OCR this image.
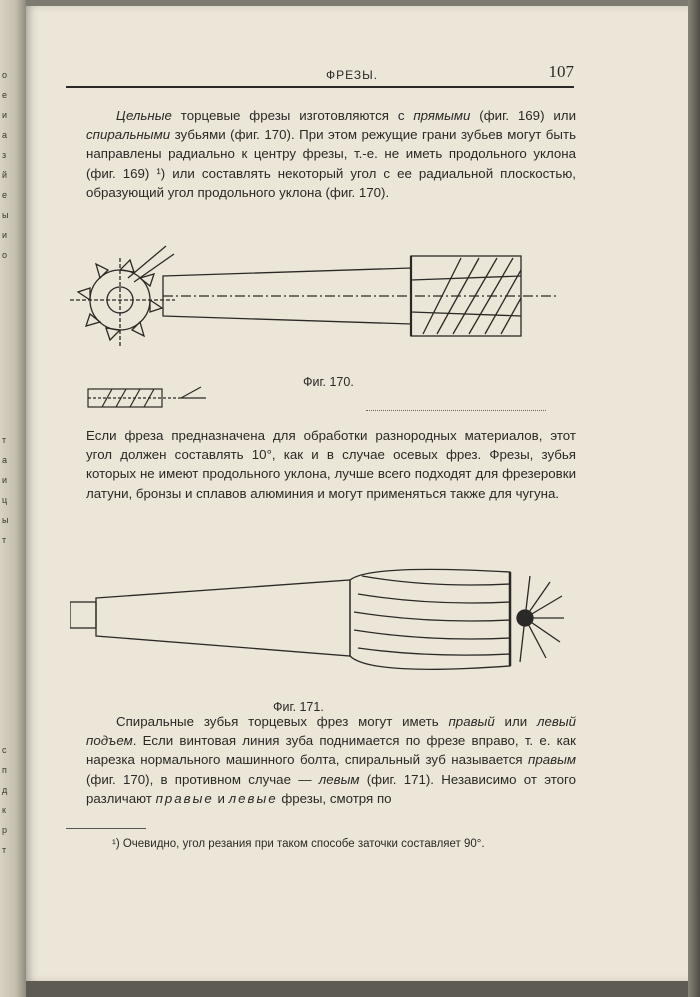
о
е
и
а
з
й
е
ы
и
о
т
а
и
ц
ы
т
с
п
д
к
р
т
ФРЕЗЫ.	107

Цельные торцевые фрезы изготовляются с прямыми (фиг. 169) или спиральными зубьями (фиг. 170). При этом режущие грани зубьев могут быть направлены радиально к центру фрезы, т.-е. не иметь продольного уклона (фиг. 169) ¹) или составлять некоторый угол с ее радиальной плоскостью, образующий угол продольного уклона (фиг. 170).

Фиг. 170.

Если фреза предназначена для обработки разнородных материалов, этот угол должен составлять 10°, как и в случае осевых фрез. Фрезы, зубья которых не имеют продольного уклона, лучше всего подходят для фрезеровки латуни, бронзы и сплавов алюминия и могут применяться также для чугуна.

Фиг. 171.

Спиральные зубья торцевых фрез могут иметь правый или левый подъем. Если винтовая линия зуба поднимается по фрезе вправо, т. е. как нарезка нормального машинного болта, спиральный зуб называется правым (фиг. 170), в противном случае — левым (фиг. 171). Независимо от этого различают правые и левые фрезы, смотря по

¹) Очевидно, угол резания при таком способе заточки составляет 90°.
